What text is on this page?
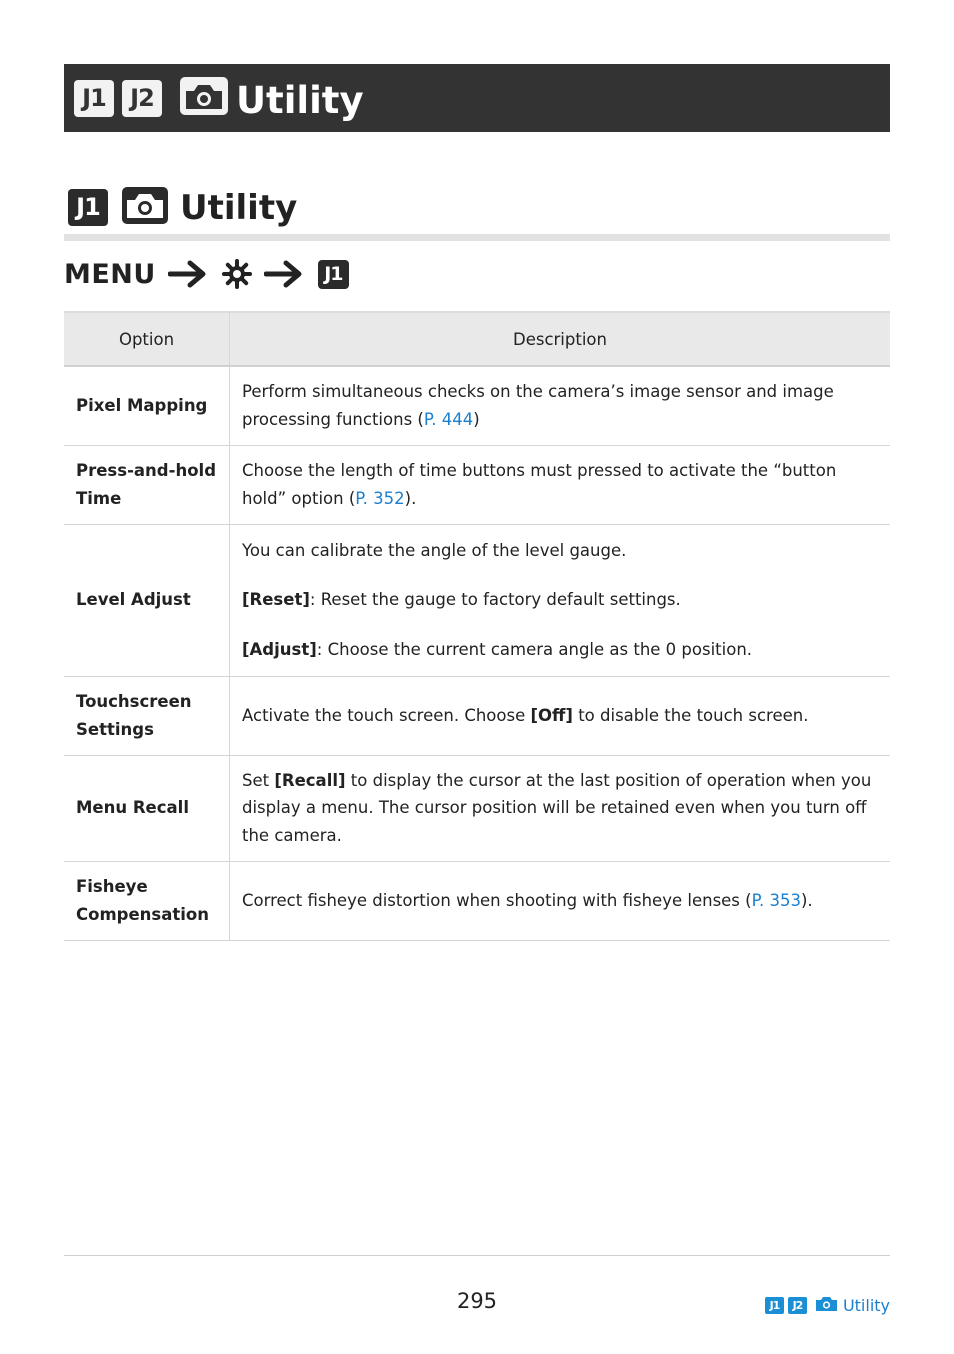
J1	J2 Utility
J1 Utility
MENU	J1
Option	Description
Pixel Mapping	Perform simultaneous checks on the camera’s image sensor and image processing functions (P. 444)
Press-and-hold Time	Choose the length of time buttons must pressed to activate the “button hold” option (P. 352).
Level Adjust	You can calibrate the angle of the level gauge.

[Reset]: Reset the gauge to factory default settings.

[Adjust]: Choose the current camera angle as the 0 position.

Touchscreen Settings	Activate the touch screen. Choose [Off] to disable the touch screen.
Menu Recall	Set [Recall] to display the cursor at the last position of operation when you display a menu. The cursor position will be retained even when you turn off the camera.
Fisheye Compensation	Correct fisheye distortion when shooting with fisheye lenses (P. 353).
295	J1	J2	Utility
